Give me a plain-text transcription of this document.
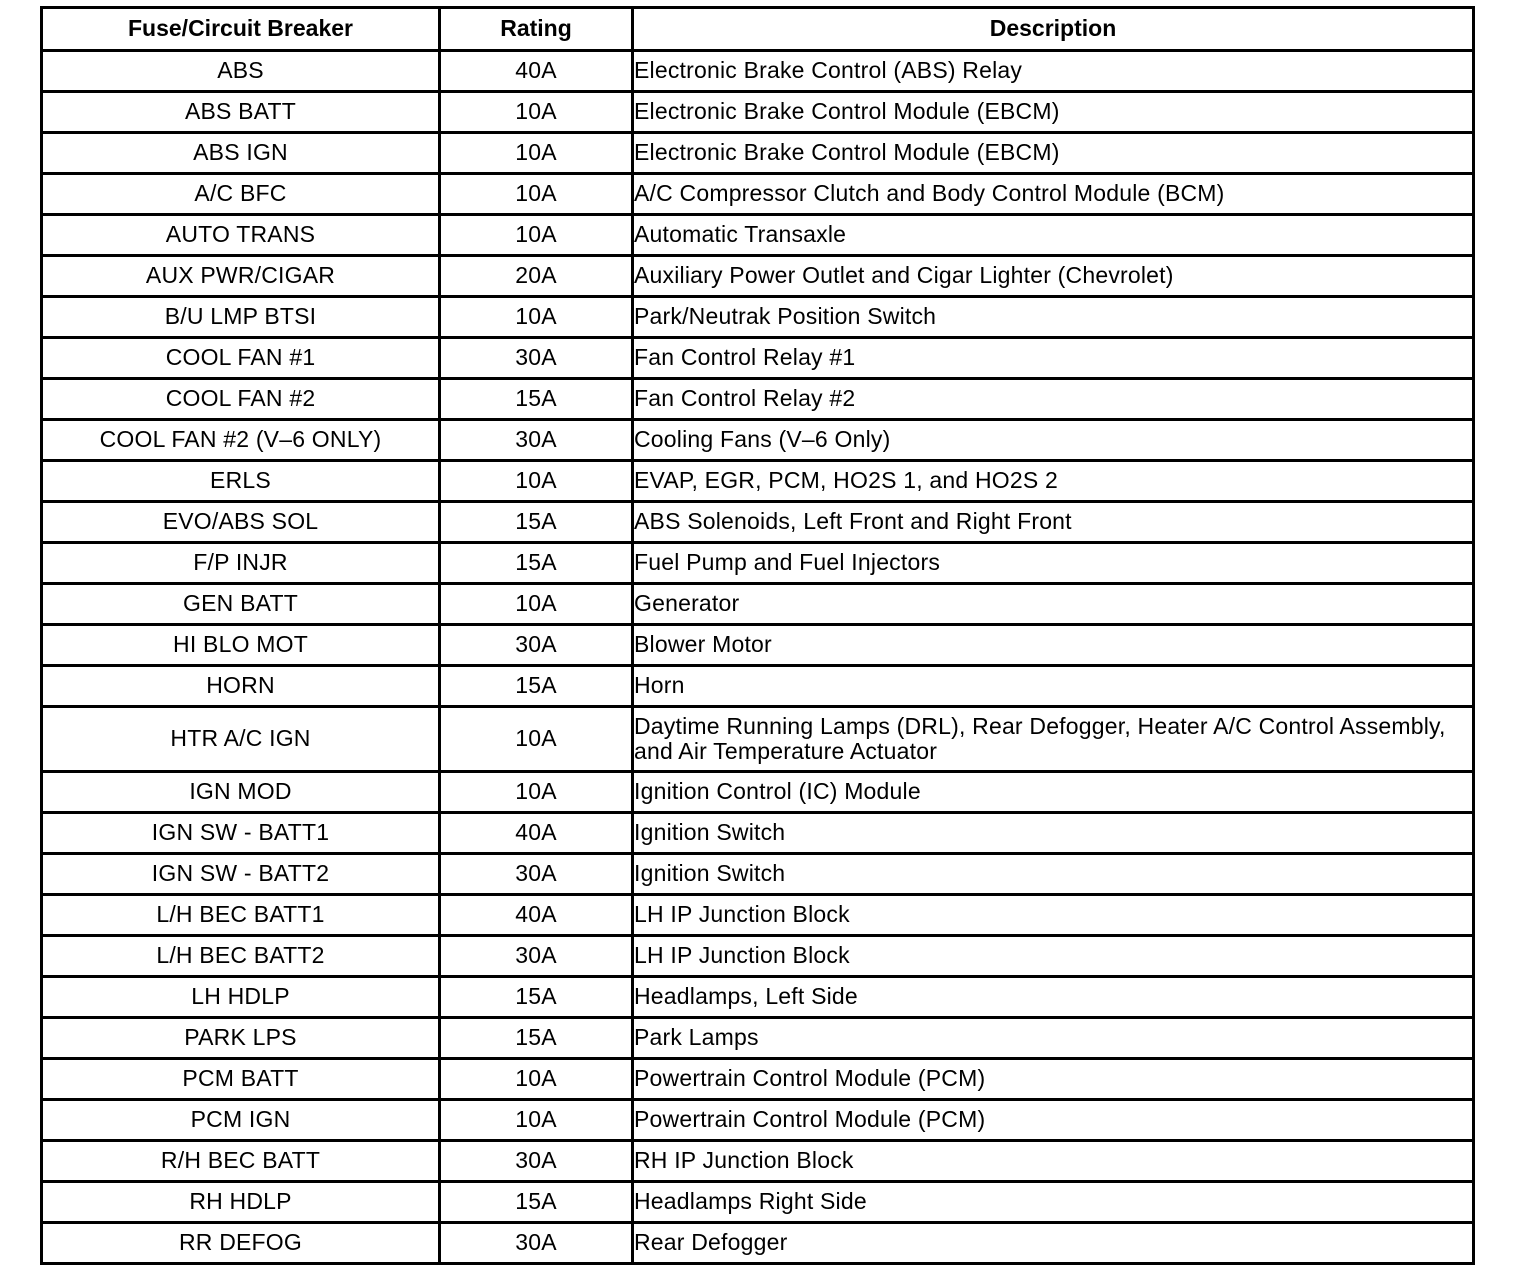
Fuse/Circuit Breaker	Rating	Description
ABS	40A	Electronic Brake Control (ABS) Relay
ABS BATT	10A	Electronic Brake Control Module (EBCM)
ABS IGN	10A	Electronic Brake Control Module (EBCM)
A/C BFC	10A	A/C Compressor Clutch and Body Control Module (BCM)
AUTO TRANS	10A	Automatic Transaxle
AUX PWR/CIGAR	20A	Auxiliary Power Outlet and Cigar Lighter (Chevrolet)
B/U LMP BTSI	10A	Park/Neutrak Position Switch
COOL FAN #1	30A	Fan Control Relay #1
COOL FAN #2	15A	Fan Control Relay #2
COOL FAN #2 (V–6 ONLY)	30A	Cooling Fans (V–6 Only)
ERLS	10A	EVAP, EGR, PCM, HO2S 1, and HO2S 2
EVO/ABS SOL	15A	ABS Solenoids, Left Front and Right Front
F/P INJR	15A	Fuel Pump and Fuel Injectors
GEN BATT	10A	Generator
HI BLO MOT	30A	Blower Motor
HORN	15A	Horn
HTR A/C IGN	10A	Daytime Running Lamps (DRL), Rear Defogger, Heater A/C Control Assembly, and Air Temperature Actuator
IGN MOD	10A	Ignition Control (IC) Module
IGN SW - BATT1	40A	Ignition Switch
IGN SW - BATT2	30A	Ignition Switch
L/H BEC BATT1	40A	LH IP Junction Block
L/H BEC BATT2	30A	LH IP Junction Block
LH HDLP	15A	Headlamps, Left Side
PARK LPS	15A	Park Lamps
PCM BATT	10A	Powertrain Control Module (PCM)
PCM IGN	10A	Powertrain Control Module (PCM)
R/H BEC BATT	30A	RH IP Junction Block
RH HDLP	15A	Headlamps Right Side
RR DEFOG	30A	Rear Defogger
